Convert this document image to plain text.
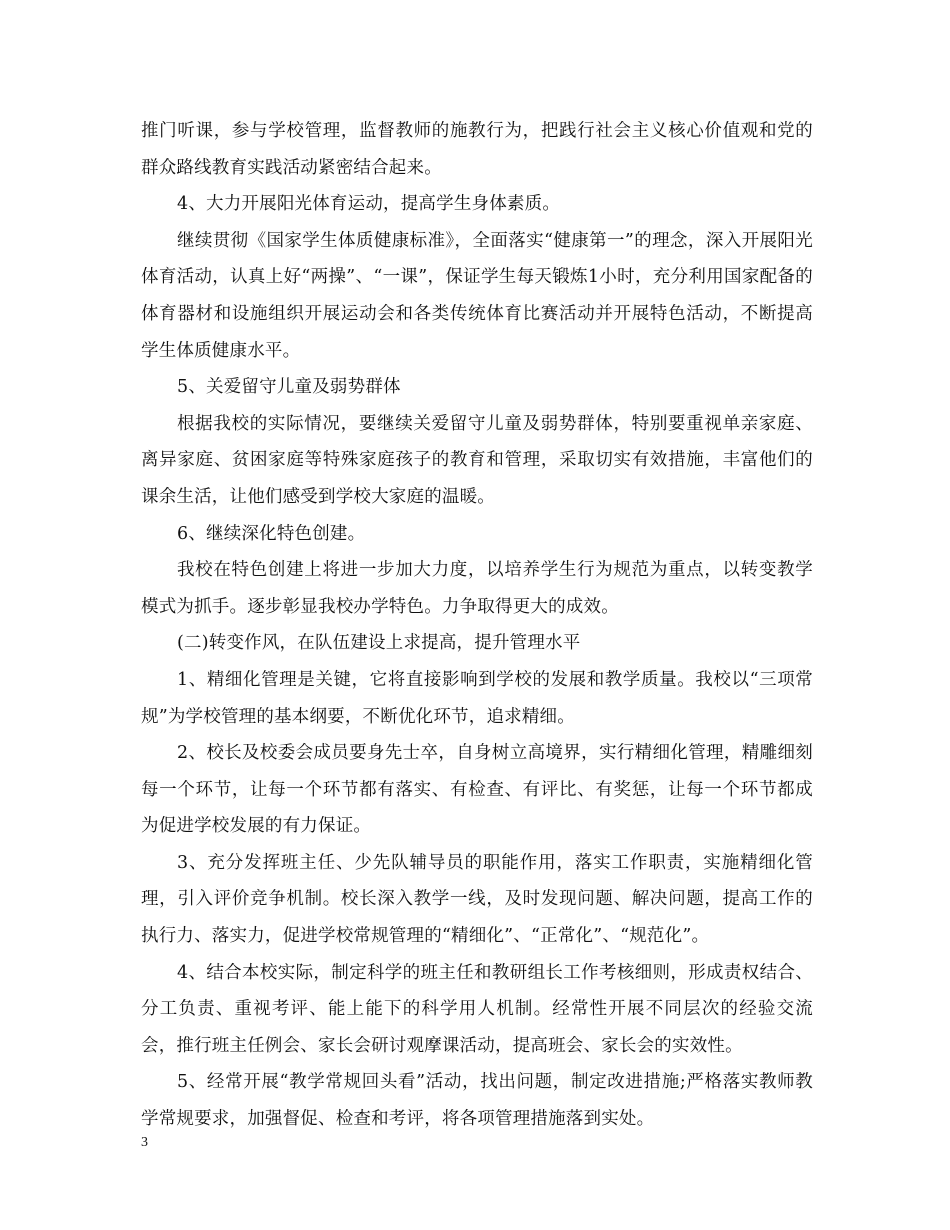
推门听课，参与学校管理，监督教师的施教行为，把践行社会主义核心价值观和党的群众路线教育实践活动紧密结合起来。

4、大力开展阳光体育运动，提高学生身体素质。

继续贯彻《国家学生体质健康标准》，全面落实“健康第一”的理念，深入开展阳光体育活动，认真上好“两操”、“一课”，保证学生每天锻炼1小时，充分利用国家配备的体育器材和设施组织开展运动会和各类传统体育比赛活动并开展特色活动，不断提高学生体质健康水平。

5、关爱留守儿童及弱势群体

根据我校的实际情况，要继续关爱留守儿童及弱势群体，特别要重视单亲家庭、离异家庭、贫困家庭等特殊家庭孩子的教育和管理，采取切实有效措施，丰富他们的课余生活，让他们感受到学校大家庭的温暖。

6、继续深化特色创建。

我校在特色创建上将进一步加大力度，以培养学生行为规范为重点，以转变教学模式为抓手。逐步彰显我校办学特色。力争取得更大的成效。

(二)转变作风，在队伍建设上求提高，提升管理水平

1、精细化管理是关键，它将直接影响到学校的发展和教学质量。我校以“三项常规”为学校管理的基本纲要，不断优化环节，追求精细。

2、校长及校委会成员要身先士卒，自身树立高境界，实行精细化管理，精雕细刻每一个环节，让每一个环节都有落实、有检查、有评比、有奖惩，让每一个环节都成为促进学校发展的有力保证。

3、充分发挥班主任、少先队辅导员的职能作用，落实工作职责，实施精细化管理，引入评价竞争机制。校长深入教学一线，及时发现问题、解决问题，提高工作的执行力、落实力，促进学校常规管理的“精细化”、“正常化”、“规范化”。

4、结合本校实际，制定科学的班主任和教研组长工作考核细则，形成责权结合、分工负责、重视考评、能上能下的科学用人机制。经常性开展不同层次的经验交流会，推行班主任例会、家长会研讨观摩课活动，提高班会、家长会的实效性。

5、经常开展“教学常规回头看”活动，找出问题，制定改进措施;严格落实教师教学常规要求，加强督促、检查和考评，将各项管理措施落到实处。

3
